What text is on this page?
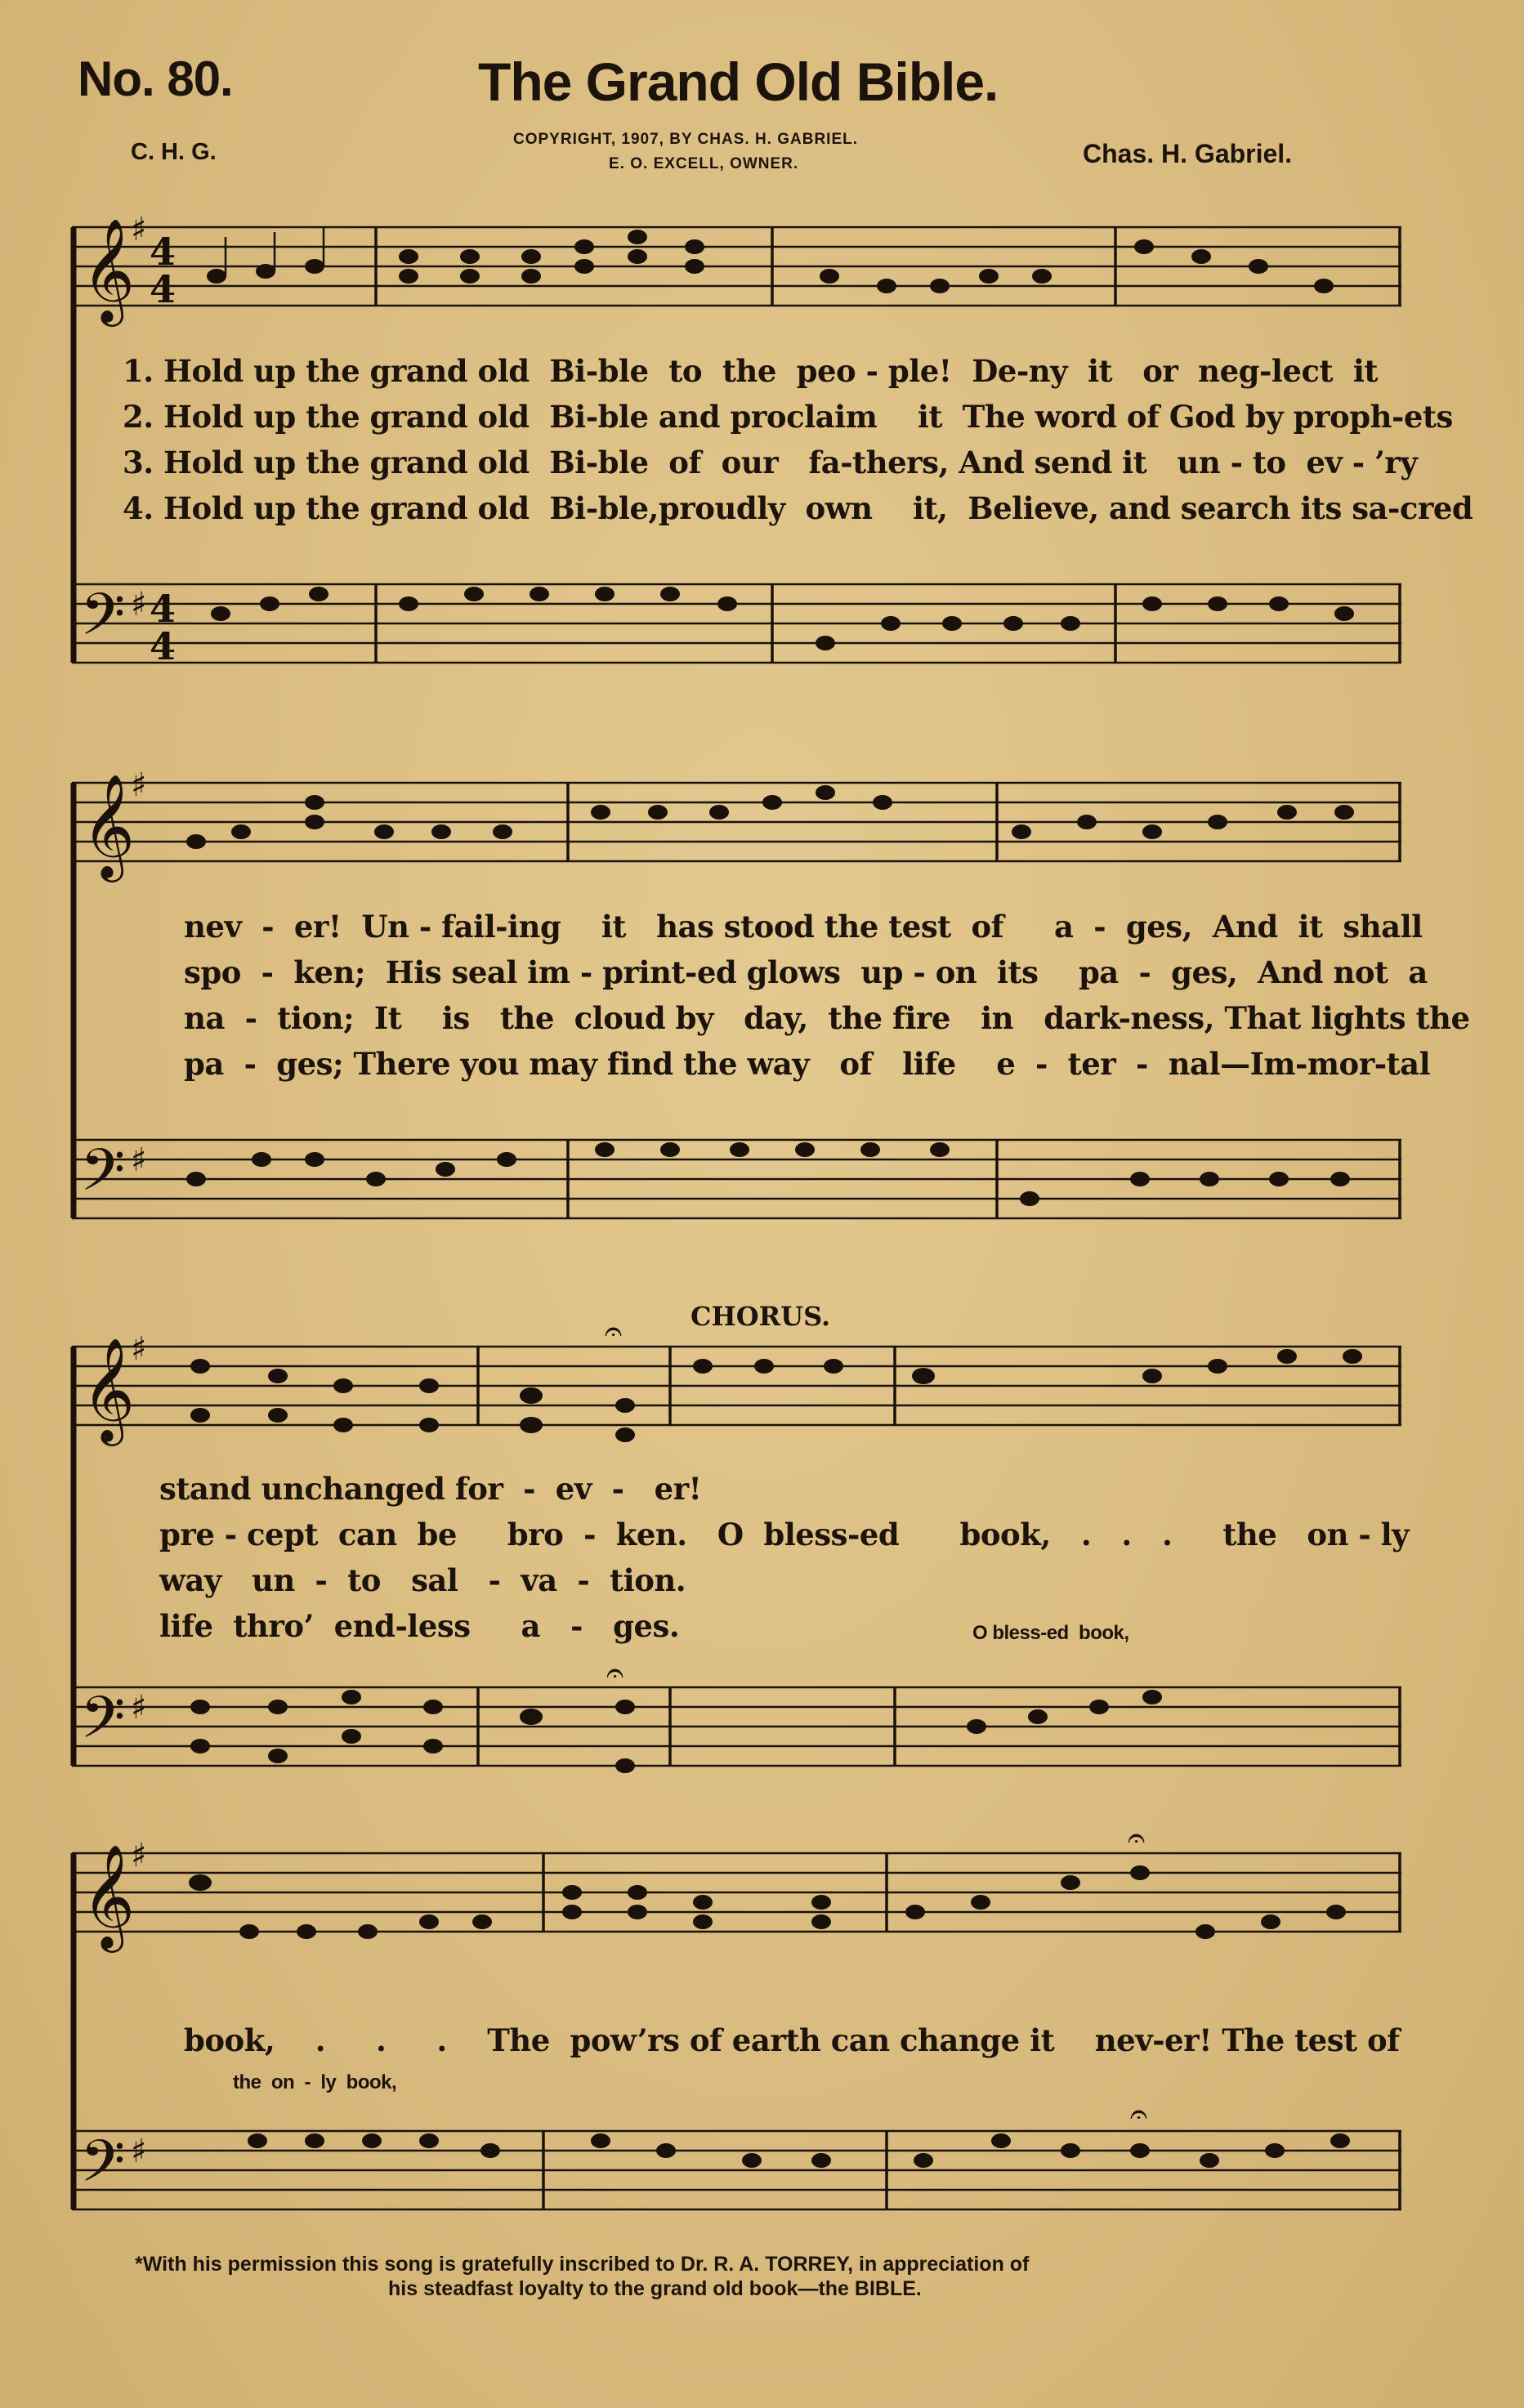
No. 80.	The Grand Old Bible.
C. H. G.	COPYRIGHT, 1907, BY CHAS. H. GABRIEL.
E. O. EXCELL, OWNER.	Chas. H. Gabriel.
𝄞
𝄢
♯
♯
4
4
4
4
1. Hold up the grand old  Bi-ble  to  the  peo - ple!  De-ny  it   or  neg-lect  it
2. Hold up the grand old  Bi-ble and proclaim    it  The word of God by proph-ets
3. Hold up the grand old  Bi-ble  of  our   fa-thers, And send it   un - to  ev - ’ry
4. Hold up the grand old  Bi-ble,proudly  own    it,  Believe, and search its sa-cred
𝄞
𝄢
♯
♯
nev  -  er!  Un - fail-ing    it   has stood the test  of     a  -  ges,  And  it  shall
spo  -  ken;  His seal im - print-ed glows  up - on  its    pa  -  ges,  And not  a
na  -  tion;  It    is   the  cloud by   day,  the fire   in   dark-ness, That lights the
pa  -  ges; There you may find the way   of   life    e  -  ter  -  nal—Im-mor-tal
CHORUS.
𝄞
𝄢
♯
♯
𝄐
𝄐
stand unchanged for  -  ev  -   er!
pre - cept  can  be     bro  -  ken.   O  bless-ed      book,   .   .   .     the   on - ly
way   un  -  to   sal   -  va  -  tion.
life  thro’  end-less     a   -   ges.	O bless-ed  book,
𝄞
𝄢
♯
♯
𝄐
𝄐
book,    .     .     .    The  pow’rs of earth can change it    nev-er! The test of
the  on  -  ly  book,
*With his permission this song is gratefully inscribed to Dr. R. A. TORREY, in appreciation of
his steadfast loyalty to the grand old book—the BIBLE.
